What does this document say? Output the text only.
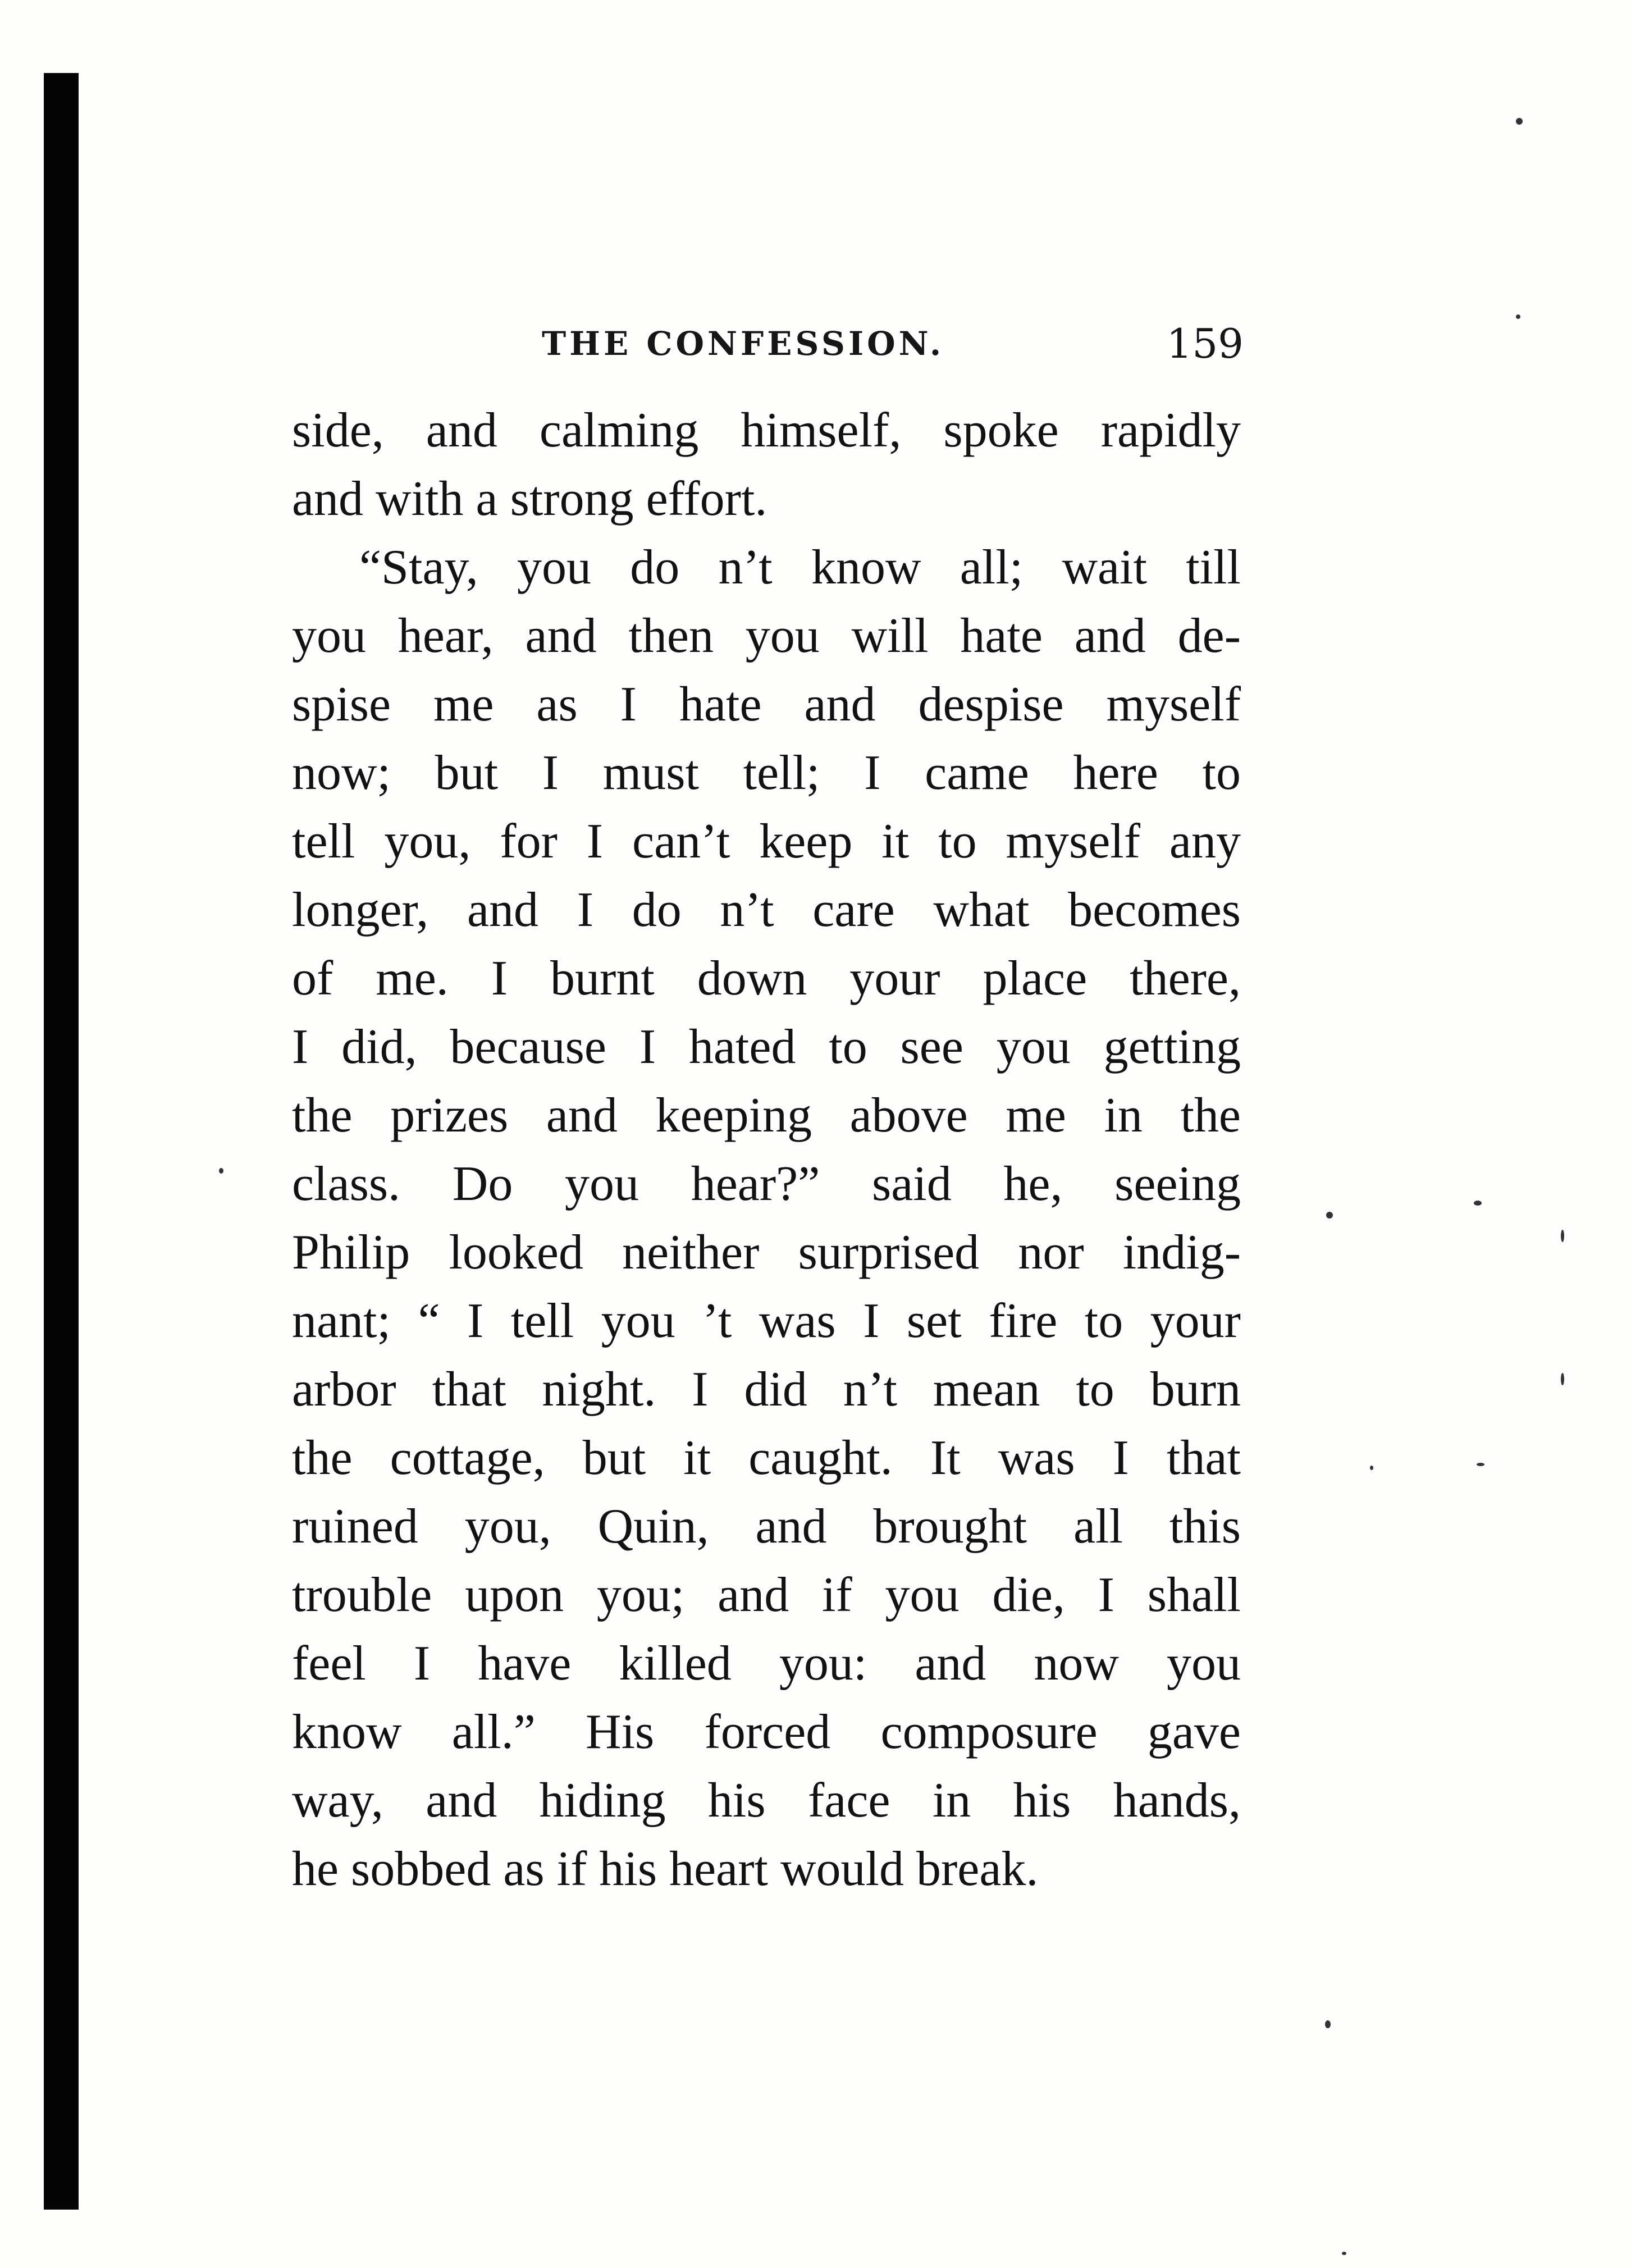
THE CONFESSION.	159
side, and calming himself, spoke rapidly
and with a strong effort.
“Stay, you do n’t know all; wait till
you hear, and then you will hate and de-
spise me as I hate and despise myself
now; but I must tell; I came here to
tell you, for I can’t keep it to myself any
longer, and I do n’t care what becomes
of me. I burnt down your place there,
I did, because I hated to see you getting
the prizes and keeping above me in the
class. Do you hear?” said he, seeing
Philip looked neither surprised nor indig-
nant; “ I tell you ’t was I set fire to your
arbor that night. I did n’t mean to burn
the cottage, but it caught. It was I that
ruined you, Quin, and brought all this
trouble upon you; and if you die, I shall
feel I have killed you: and now you
know all.” His forced composure gave
way, and hiding his face in his hands,
he sobbed as if his heart would break.
